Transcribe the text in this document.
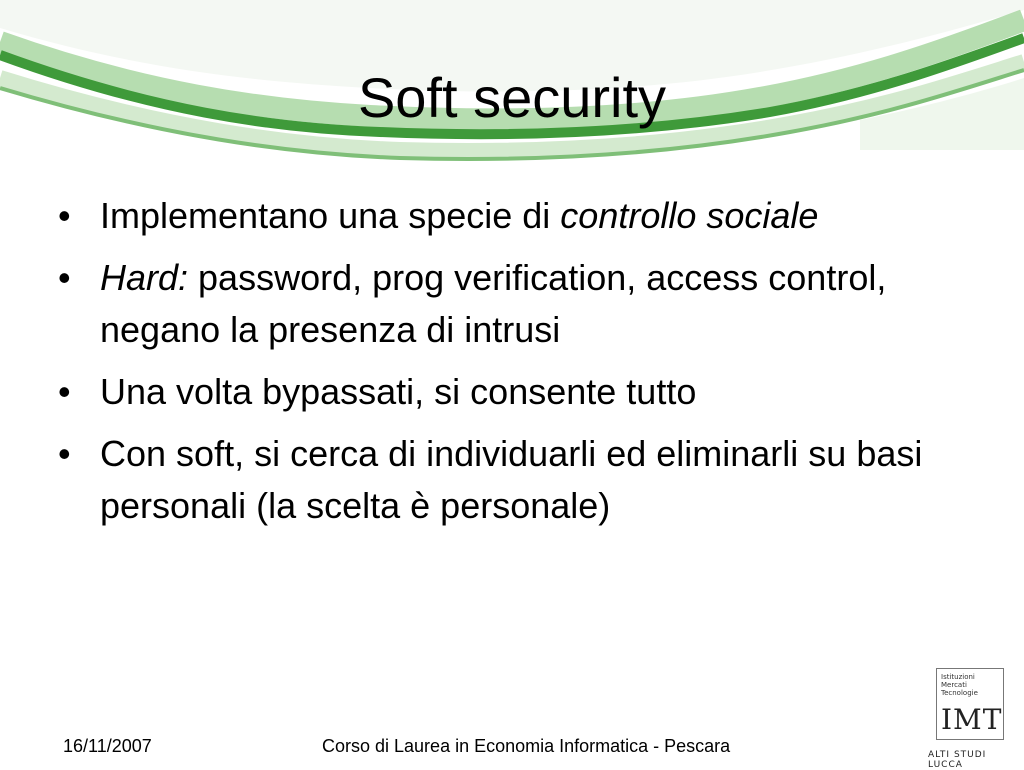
Soft security
• Implementano una specie di controllo sociale
• Hard: password, prog verification, access control, negano la presenza di intrusi
• Una volta bypassati, si consente tutto
• Con soft, si cerca di individuarli ed eliminarli su basi personali (la scelta è personale)
16/11/2007	Corso di Laurea in Economia Informatica - Pescara
Istituzioni
Mercati
Tecnologie
IMT
ALTI STUDI LUCCA
